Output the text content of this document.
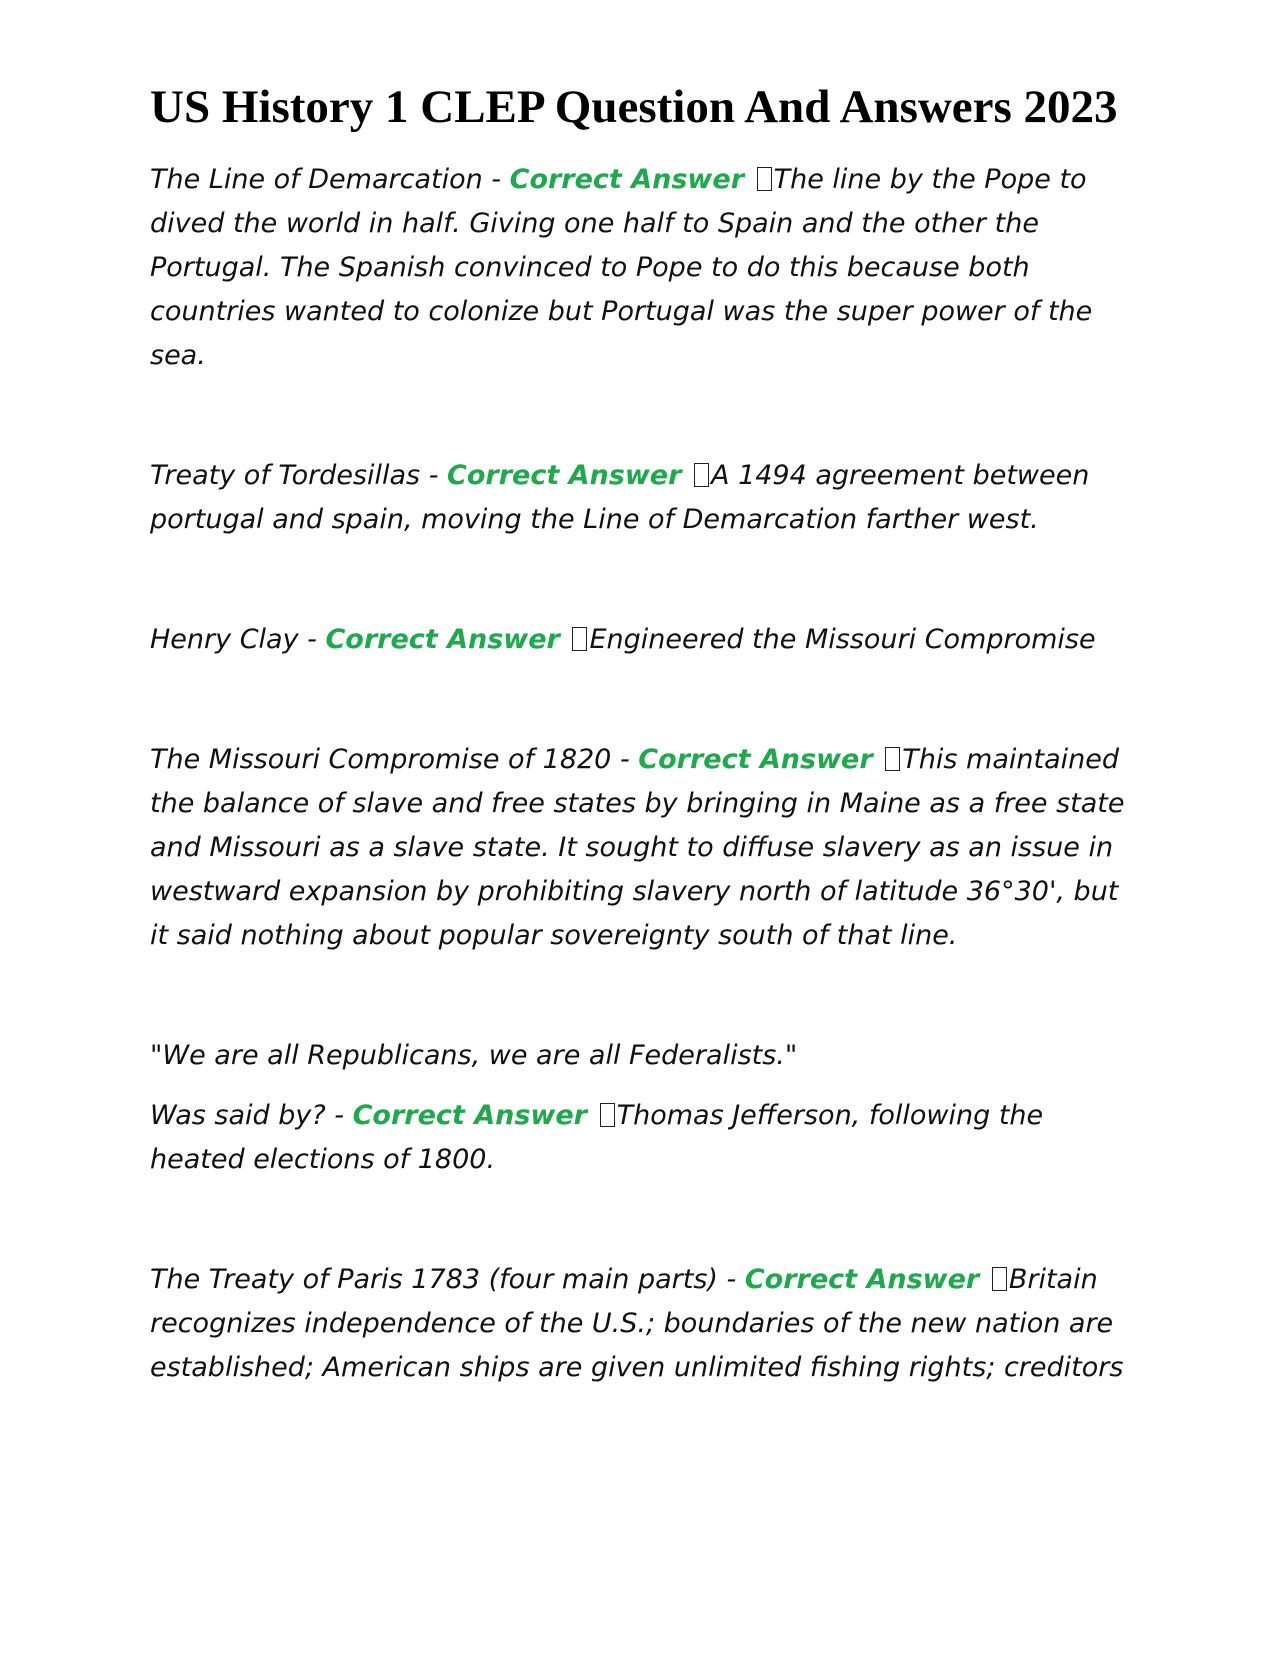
US History 1 CLEP Question And Answers 2023

The Line of Demarcation - Correct Answer The line by the Pope to dived the world in half. Giving one half to Spain and the other the Portugal. The Spanish convinced to Pope to do this because both countries wanted to colonize but Portugal was the super power of the sea.

Treaty of Tordesillas - Correct Answer A 1494 agreement between portugal and spain, moving the Line of Demarcation farther west.

Henry Clay - Correct Answer Engineered the Missouri Compromise

The Missouri Compromise of 1820 - Correct Answer This maintained the balance of slave and free states by bringing in Maine as a free state and Missouri as a slave state. It sought to diffuse slavery as an issue in westward expansion by prohibiting slavery north of latitude 36°30', but it said nothing about popular sovereignty south of that line.

"We are all Republicans, we are all Federalists."

Was said by? - Correct Answer Thomas Jefferson, following the heated elections of 1800.

The Treaty of Paris 1783 (four main parts) - Correct Answer Britain recognizes independence of the U.S.; boundaries of the new nation are established; American ships are given unlimited fishing rights; creditors
